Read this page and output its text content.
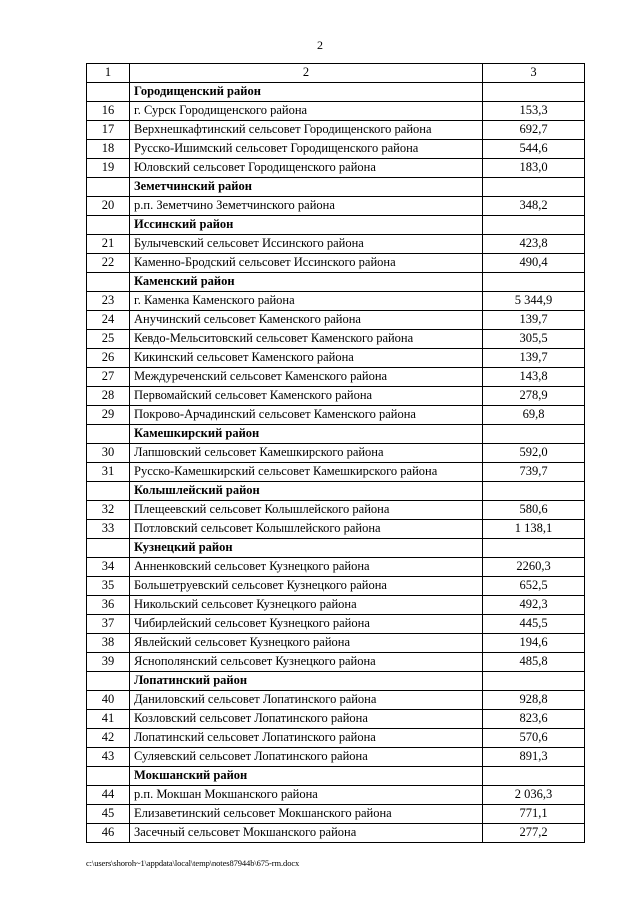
2
1	2	3
	Городищенский район	
16	г. Сурск Городищенского района	153,3
17	Верхнешкафтинский сельсовет Городищенского района	692,7
18	Русско-Ишимский сельсовет Городищенского района	544,6
19	Юловский сельсовет Городищенского района	183,0
	Земетчинский район	
20	р.п. Земетчино Земетчинского района	348,2
	Иссинский район	
21	Булычевский сельсовет Иссинского района	423,8
22	Каменно-Бродский сельсовет Иссинского района	490,4
	Каменский район	
23	г. Каменка Каменского района	5 344,9
24	Анучинский сельсовет Каменского района	139,7
25	Кевдо-Мельситовский сельсовет Каменского района	305,5
26	Кикинский сельсовет Каменского района	139,7
27	Междуреченский сельсовет Каменского района	143,8
28	Первомайский сельсовет Каменского района	278,9
29	Покрово-Арчадинский сельсовет Каменского района	69,8
	Камешкирский район	
30	Лапшовский сельсовет Камешкирского района	592,0
31	Русско-Камешкирский сельсовет Камешкирского района	739,7
	Колышлейский район	
32	Плещеевский сельсовет Колышлейского района	580,6
33	Потловский сельсовет Колышлейского района	1 138,1
	Кузнецкий район	
34	Анненковский сельсовет Кузнецкого района	2260,3
35	Большетруевский сельсовет Кузнецкого района	652,5
36	Никольский сельсовет Кузнецкого района	492,3
37	Чибирлейский сельсовет Кузнецкого района	445,5
38	Явлейский сельсовет Кузнецкого района	194,6
39	Яснополянский сельсовет Кузнецкого района	485,8
	Лопатинский район	
40	Даниловский сельсовет Лопатинского района	928,8
41	Козловский сельсовет Лопатинского района	823,6
42	Лопатинский сельсовет Лопатинского района	570,6
43	Суляевский сельсовет Лопатинского района	891,3
	Мокшанский район	
44	р.п. Мокшан Мокшанского района	2 036,3
45	Елизаветинский сельсовет Мокшанского района	771,1
46	Засечный сельсовет Мокшанского района	277,2
c:\users\shoroh~1\appdata\local\temp\notes87944b\675-rm.docx
